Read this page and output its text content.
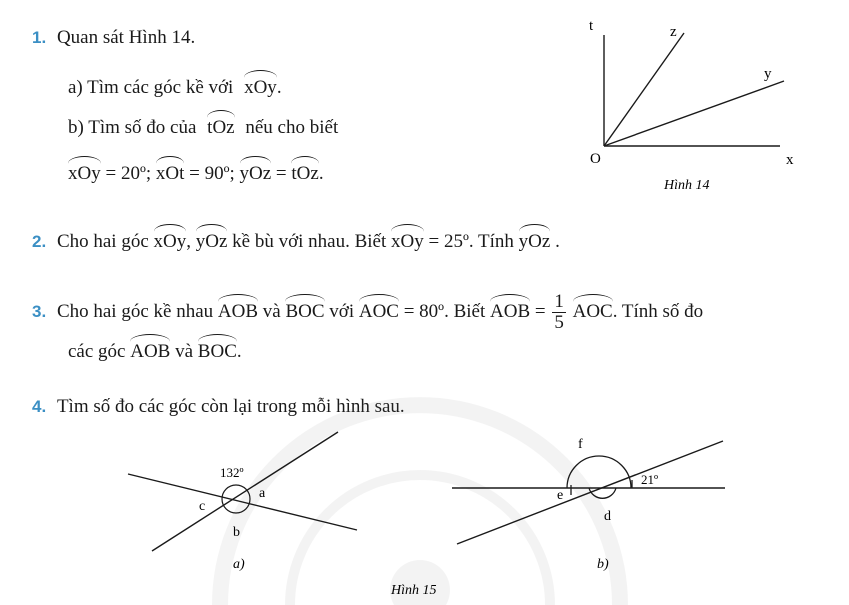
1. Quan sát Hình 14.
a) Tìm các góc kề với xOy.
b) Tìm số đo của tOz nếu cho biết
xOy = 20º; xOt = 90º; yOz = tOz.
t	z
y
O	x
Hình 14
2. Cho hai góc xOy, yOz kề bù với nhau. Biết xOy = 25º. Tính yOz .
3. Cho hai góc kề nhau AOB và BOC với AOC = 80º. Biết AOB = $\frac{1}{5}$ AOC. Tính số đo
các góc AOB và BOC.
4. Tìm số đo các góc còn lại trong mỗi hình sau.
132º
a
b
c
a)
f
e
d
21º
b)
Hình 15
